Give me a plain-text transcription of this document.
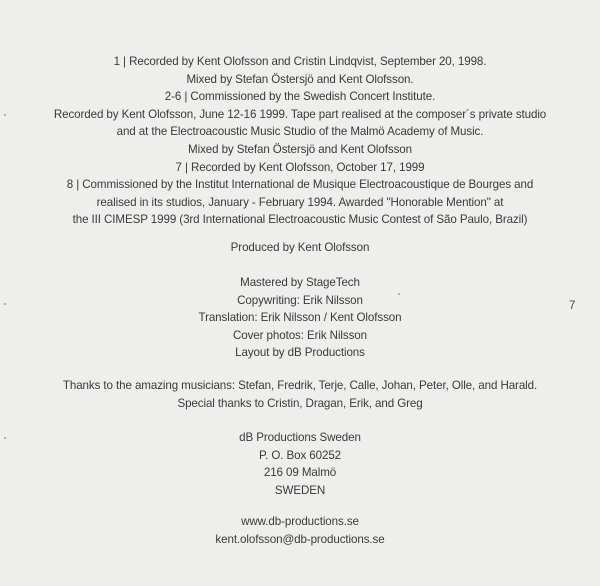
1 | Recorded by Kent Olofsson and Cristin Lindqvist, September 20, 1998.
Mixed by Stefan Östersjö and Kent Olofsson.
2-6 | Commissioned by the Swedish Concert Institute.
Recorded by Kent Olofsson, June 12-16 1999. Tape part realised at the composer´s private studio
and at the Electroacoustic Music Studio of the Malmö Academy of Music.
Mixed by Stefan Östersjö and Kent Olofsson
7 | Recorded by Kent Olofsson, October 17, 1999
8 | Commissioned by the Institut International de Musique Electroacoustique de Bourges and
realised in its studios, January - February 1994. Awarded "Honorable Mention" at
the III CIMESP 1999 (3rd International Electroacoustic Music Contest of São Paulo, Brazil)
Produced by Kent Olofsson
Mastered by StageTech
Copywriting: Erik Nilsson
Translation: Erik Nilsson / Kent Olofsson
Cover photos: Erik Nilsson
Layout by dB Productions
Thanks to the amazing musicians: Stefan, Fredrik, Terje, Calle, Johan, Peter, Olle, and Harald.
Special thanks to Cristin, Dragan, Erik, and Greg
dB Productions Sweden
P. O. Box 60252
216 09 Malmö
SWEDEN
www.db-productions.se
kent.olofsson@db-productions.se
7
